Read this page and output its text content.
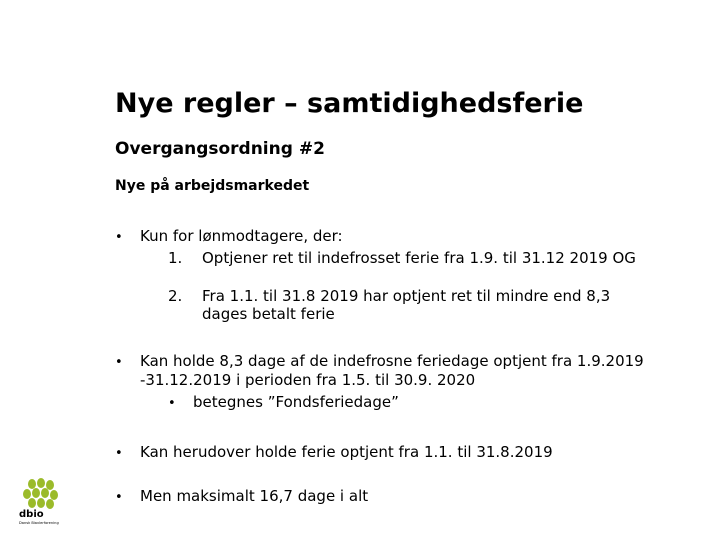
Nye regler – samtidighedsferie
Overgangsordning #2
Nye på arbejdsmarkedet
• Kun for lønmodtagere, der:
1. Optjener ret til indefrosset ferie fra 1.9. til 31.12 2019 OG
2. Fra 1.1. til 31.8 2019 har optjent ret til mindre end 8,3
dages betalt ferie
• Kan holde 8,3 dage af de indefrosne feriedage optjent fra 1.9.2019
-31.12.2019 i perioden fra 1.5. til 30.9. 2020
• betegnes ”Fondsferiedage”
• Kan herudover holde ferie optjent fra 1.1. til 31.8.2019
• Men maksimalt 16,7 dage i alt
dbio
Dansk Biavlerforening
